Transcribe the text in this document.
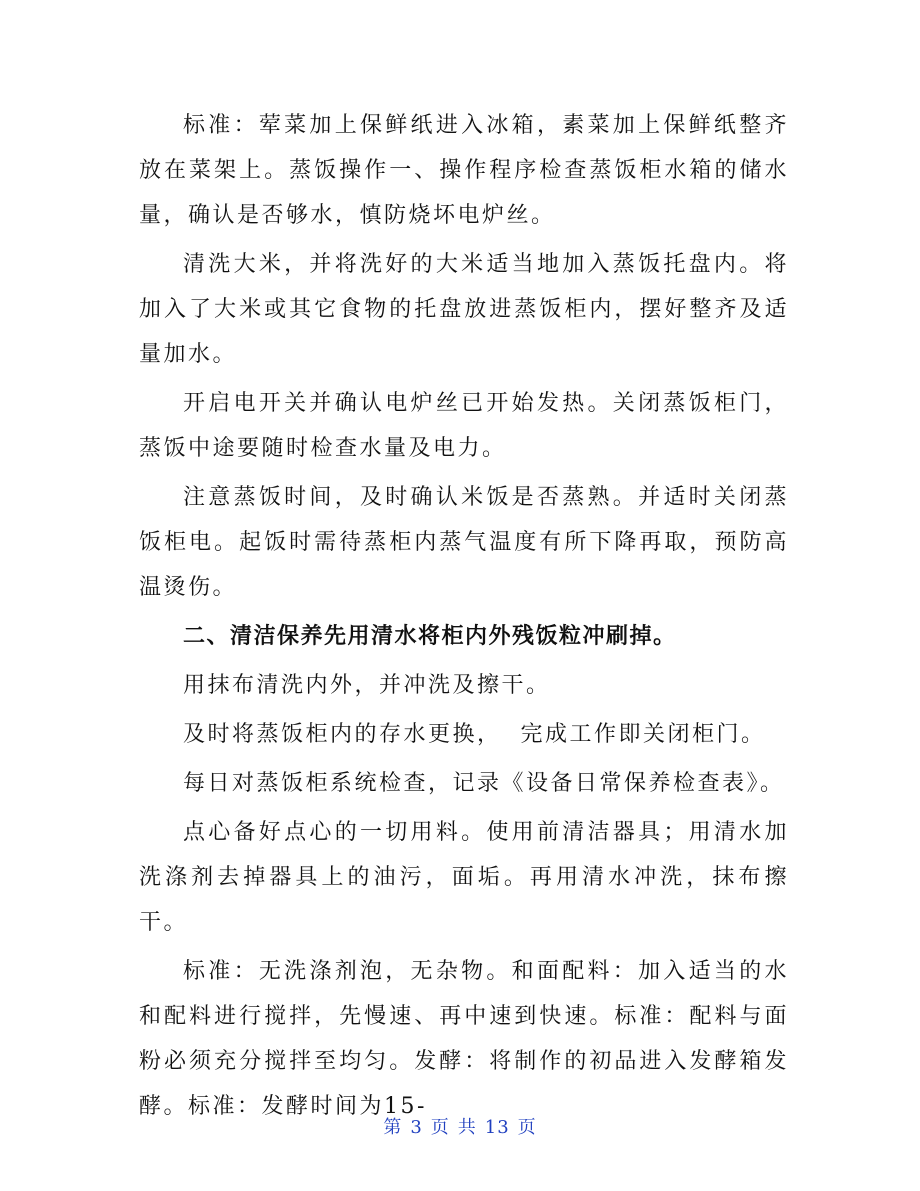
标准：荤菜加上保鲜纸进入冰箱，素菜加上保鲜纸整齐放在菜架上。蒸饭操作一、操作程序检查蒸饭柜水箱的储水量，确认是否够水，慎防烧坏电炉丝。

清洗大米，并将洗好的大米适当地加入蒸饭托盘内。将加入了大米或其它食物的托盘放进蒸饭柜内，摆好整齐及适量加水。

开启电开关并确认电炉丝已开始发热。关闭蒸饭柜门，蒸饭中途要随时检查水量及电力。

注意蒸饭时间，及时确认米饭是否蒸熟。并适时关闭蒸饭柜电。起饭时需待蒸柜内蒸气温度有所下降再取，预防高温烫伤。

二、清洁保养先用清水将柜内外残饭粒冲刷掉。

用抹布清洗内外，并冲洗及擦干。

及时将蒸饭柜内的存水更换，  完成工作即关闭柜门。

每日对蒸饭柜系统检查，记录《设备日常保养检查表》。

点心备好点心的一切用料。使用前清洁器具；用清水加洗涤剂去掉器具上的油污，面垢。再用清水冲洗，抹布擦干。

标准：无洗涤剂泡，无杂物。和面配料：加入适当的水和配料进行搅拌，先慢速、再中速到快速。标准：配料与面粉必须充分搅拌至均匀。发酵：将制作的初品进入发酵箱发酵。标准：发酵时间为15-

第 3 页 共 13 页
